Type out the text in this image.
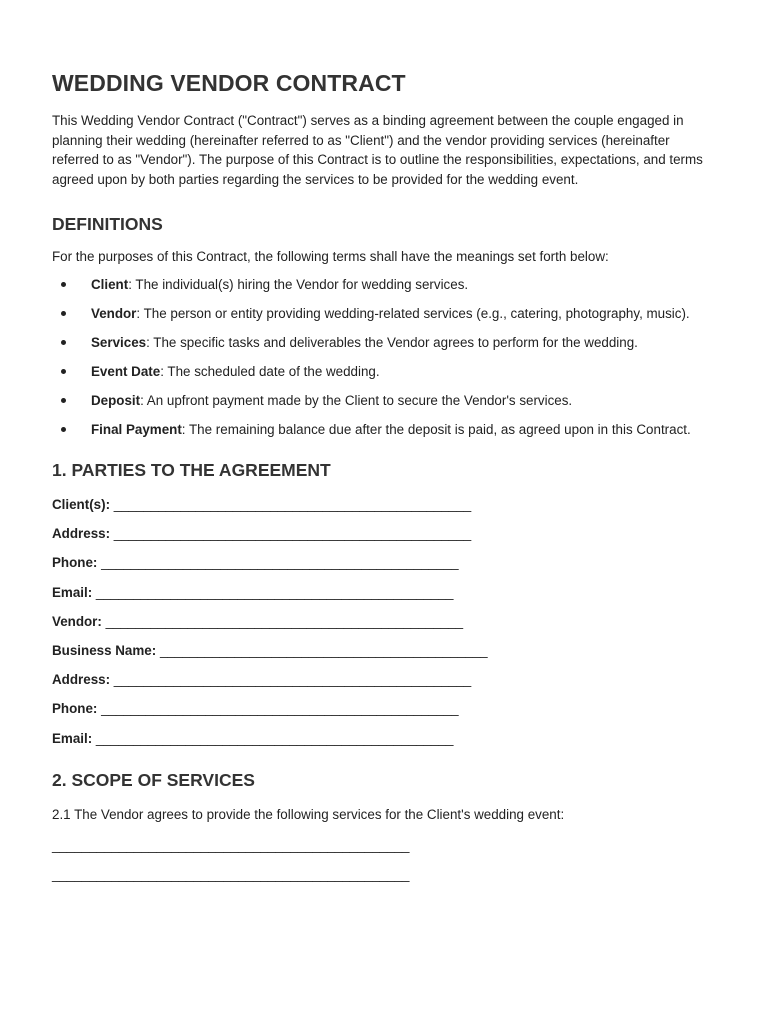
WEDDING VENDOR CONTRACT

This Wedding Vendor Contract ("Contract") serves as a binding agreement between the couple engaged in planning their wedding (hereinafter referred to as "Client") and the vendor providing services (hereinafter referred to as "Vendor"). The purpose of this Contract is to outline the responsibilities, expectations, and terms agreed upon by both parties regarding the services to be provided for the wedding event.

DEFINITIONS

For the purposes of this Contract, the following terms shall have the meanings set forth below:

Client: The individual(s) hiring the Vendor for wedding services.
Vendor: The person or entity providing wedding-related services (e.g., catering, photography, music).
Services: The specific tasks and deliverables the Vendor agrees to perform for the wedding.
Event Date: The scheduled date of the wedding.
Deposit: An upfront payment made by the Client to secure the Vendor's services.
Final Payment: The remaining balance due after the deposit is paid, as agreed upon in this Contract.
1. PARTIES TO THE AGREEMENT
Client(s): ________________________________________________
Address: ________________________________________________
Phone: ________________________________________________
Email: ________________________________________________
Vendor: ________________________________________________
Business Name: ____________________________________________
Address: ________________________________________________
Phone: ________________________________________________
Email: ________________________________________________
2. SCOPE OF SERVICES

2.1 The Vendor agrees to provide the following services for the Client's wedding event:

________________________________________________
________________________________________________
